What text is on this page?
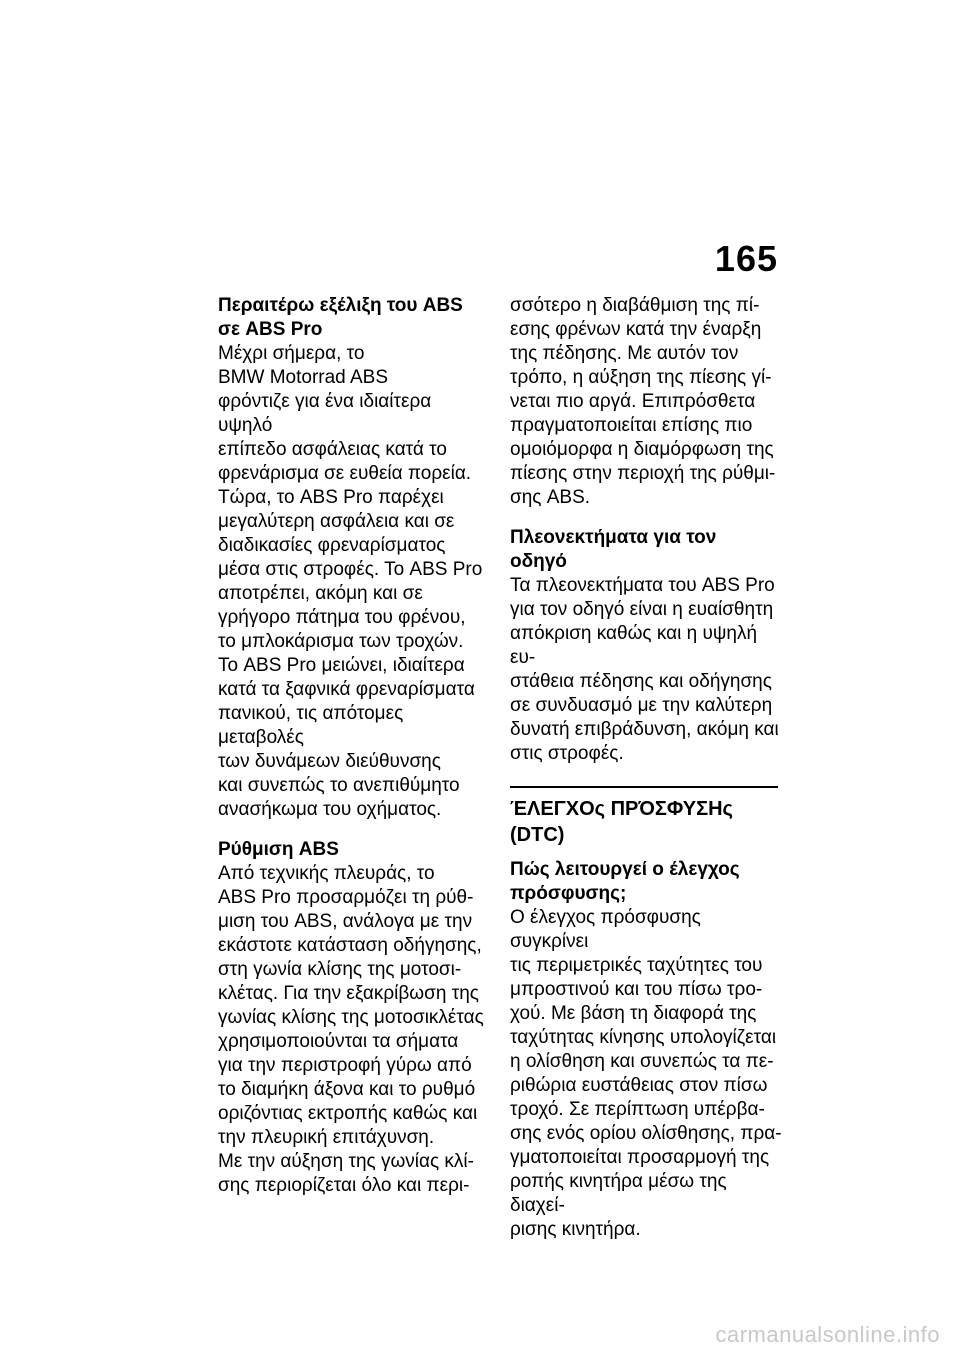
165
Περαιτέρω εξέλιξη του ABS
σε ABS Pro
Μέχρι σήμερα, το
BMW Motorrad ABS
φρόντιζε για ένα ιδιαίτερα υψηλό
επίπεδο ασφάλειας κατά το
φρενάρισμα σε ευθεία πορεία.
Τώρα, το ABS Pro παρέχει
μεγαλύτερη ασφάλεια και σε
διαδικασίες φρεναρίσματος
μέσα στις στροφές. Το ABS Pro
αποτρέπει, ακόμη και σε
γρήγορο πάτημα του φρένου,
το μπλοκάρισμα των τροχών.
Το ABS Pro μειώνει, ιδιαίτερα
κατά τα ξαφνικά φρεναρίσματα
πανικού, τις απότομες μεταβολές
των δυνάμεων διεύθυνσης
και συνεπώς το ανεπιθύμητο
ανασήκωμα του οχήματος.
Ρύθμιση ABS
Από τεχνικής πλευράς, το
ABS Pro προσαρμόζει τη ρύθ-
μιση του ABS, ανάλογα με την
εκάστοτε κατάσταση οδήγησης,
στη γωνία κλίσης της μοτοσι-
κλέτας. Για την εξακρίβωση της
γωνίας κλίσης της μοτοσικλέτας
χρησιμοποιούνται τα σήματα
για την περιστροφή γύρω από
το διαμήκη άξονα και το ρυθμό
οριζόντιας εκτροπής καθώς και
την πλευρική επιτάχυνση.
Με την αύξηση της γωνίας κλί-
σης περιορίζεται όλο και περι-
σσότερο η διαβάθμιση της πί-
εσης φρένων κατά την έναρξη
της πέδησης. Με αυτόν τον
τρόπο, η αύξηση της πίεσης γί-
νεται πιο αργά. Επιπρόσθετα
πραγματοποιείται επίσης πιο
ομοιόμορφα η διαμόρφωση της
πίεσης στην περιοχή της ρύθμι-
σης ABS.
Πλεονεκτήματα για τον
οδηγό
Τα πλεονεκτήματα του ABS Pro
για τον οδηγό είναι η ευαίσθητη
απόκριση καθώς και η υψηλή ευ-
στάθεια πέδησης και οδήγησης
σε συνδυασμό με την καλύτερη
δυνατή επιβράδυνση, ακόμη και
στις στροφές.
ΈΛΕΓΧΟς ΠΡΌΣΦΥΣΗς
(DTC)
Πώς λειτουργεί ο έλεγχος
πρόσφυσης;
Ο έλεγχος πρόσφυσης συγκρίνει
τις περιμετρικές ταχύτητες του
μπροστινού και του πίσω τρο-
χού. Με βάση τη διαφορά της
ταχύτητας κίνησης υπολογίζεται
η ολίσθηση και συνεπώς τα πε-
ριθώρια ευστάθειας στον πίσω
τροχό. Σε περίπτωση υπέρβα-
σης ενός ορίου ολίσθησης, πρα-
γματοποιείται προσαρμογή της
ροπής κινητήρα μέσω της διαχεί-
ρισης κινητήρα.
carmanualsonline.info
